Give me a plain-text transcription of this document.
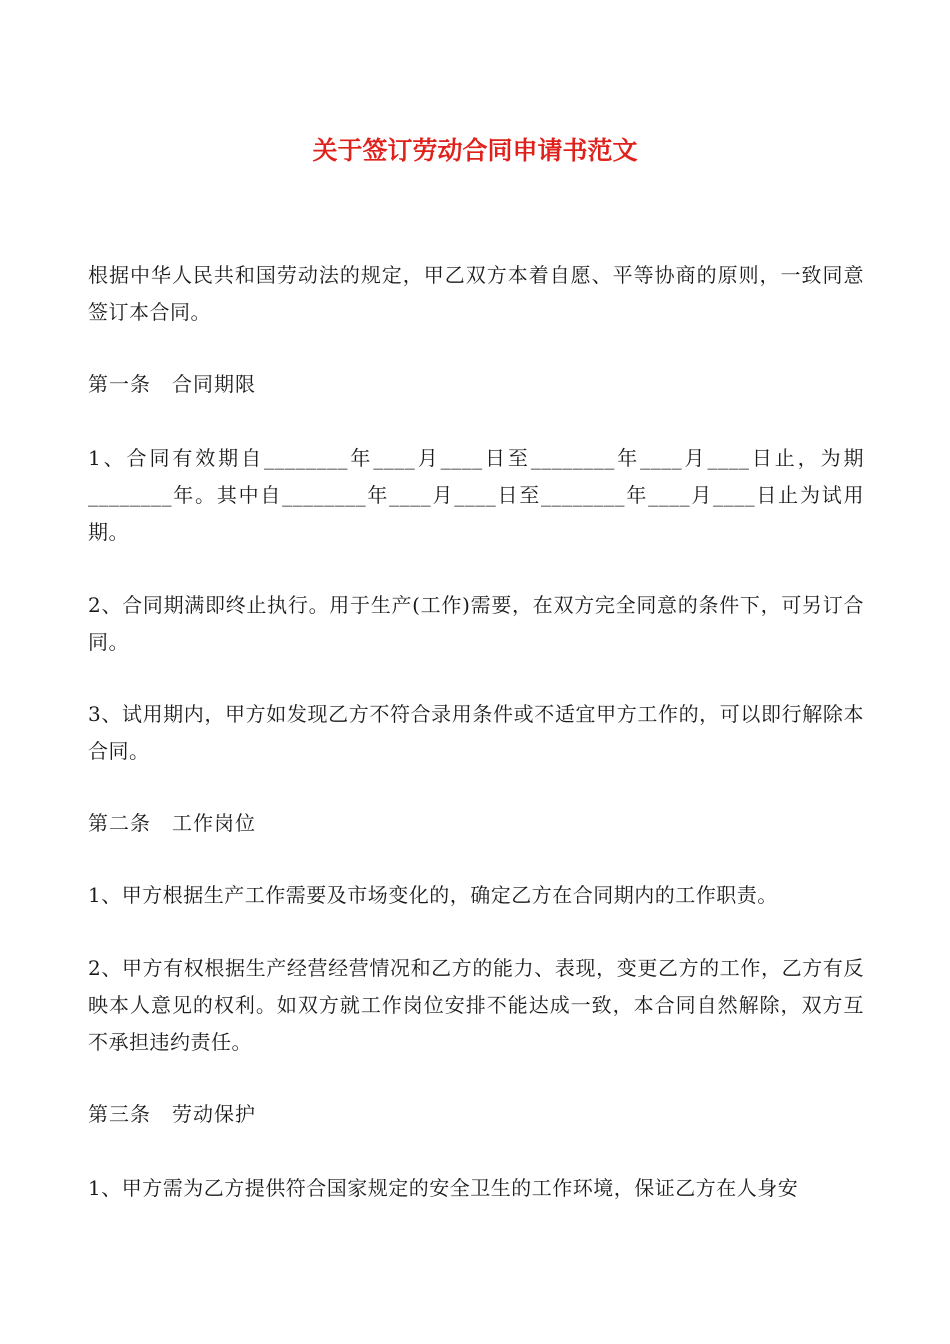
关于签订劳动合同申请书范文

根据中华人民共和国劳动法的规定，甲乙双方本着自愿、平等协商的原则，一致同意签订本合同。

第一条　合同期限

1、合同有效期自________年____月____日至________年____月____日止，为期________年。其中自________年____月____日至________年____月____日止为试用期。

2、合同期满即终止执行。用于生产(工作)需要，在双方完全同意的条件下，可另订合同。

3、试用期内，甲方如发现乙方不符合录用条件或不适宜甲方工作的，可以即行解除本合同。

第二条　工作岗位

1、甲方根据生产工作需要及市场变化的，确定乙方在合同期内的工作职责。

2、甲方有权根据生产经营经营情况和乙方的能力、表现，变更乙方的工作，乙方有反映本人意见的权利。如双方就工作岗位安排不能达成一致，本合同自然解除，双方互不承担违约责任。

第三条　劳动保护

1、甲方需为乙方提供符合国家规定的安全卫生的工作环境，保证乙方在人身安
